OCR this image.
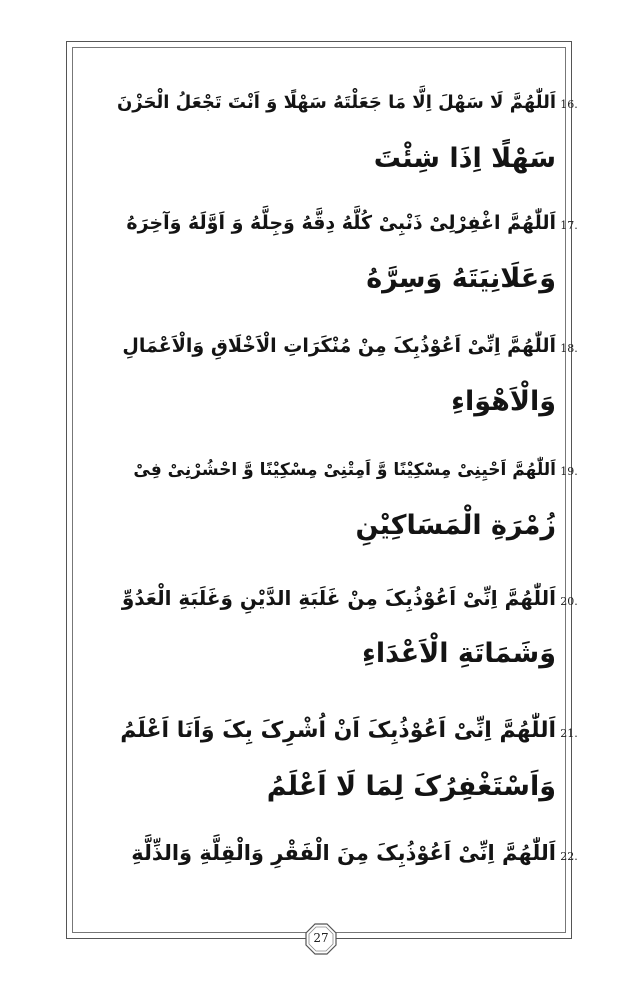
16.
اَللّٰهُمَّ لَا سَهْلَ اِلَّا مَا جَعَلْتَهُ سَهْلًا وَ اَنْتَ تَجْعَلُ الْحَزْنَ
سَهْلًا اِذَا شِئْتَ
17.
اَللّٰهُمَّ اغْفِرْلِیْ ذَنْبِیْ كُلَّهُ دِقَّهُ وَجِلَّهُ وَ اَوَّلَهُ وَآخِرَهُ
وَعَلَانِيَتَهُ وَسِرَّهُ
18.
اَللّٰهُمَّ اِنِّیْ اَعُوْذُبِکَ مِنْ مُنْكَرَاتِ الْاَخْلَاقِ وَالْاَعْمَالِ
وَالْاَهْوَاءِ
19.
اَللّٰهُمَّ اَحْيِنِیْ مِسْكِيْنًا وَّ اَمِتْنِیْ مِسْكِيْنًا وَّ احْشُرْنِیْ فِیْ
زُمْرَةِ الْمَسَاكِيْنِ
20.
اَللّٰهُمَّ اِنِّیْ اَعُوْذُبِکَ مِنْ غَلَبَةِ الدَّيْنِ وَغَلَبَةِ الْعَدُوِّ
وَشَمَاتَةِ الْاَعْدَاءِ
21.
اَللّٰهُمَّ اِنِّیْ اَعُوْذُبِکَ اَنْ اُشْرِکَ بِکَ وَاَنَا اَعْلَمُ
وَاَسْتَغْفِرُکَ لِمَا لَا اَعْلَمُ
22.
اَللّٰهُمَّ اِنِّیْ اَعُوْذُبِکَ مِنَ الْفَقْرِ وَالْقِلَّةِ وَالذِّلَّةِ
27
